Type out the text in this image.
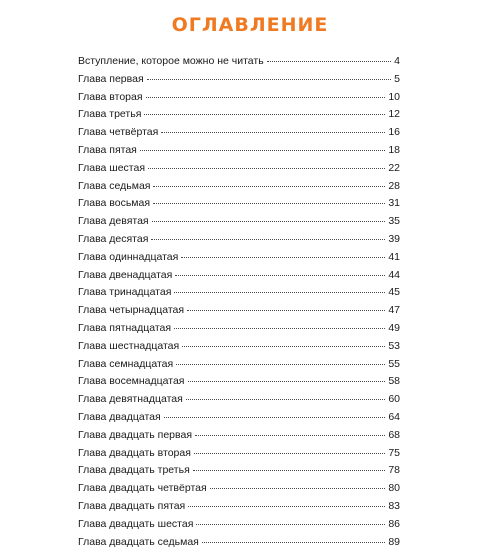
ОГЛАВЛЕНИЕ
Вступление, которое можно не читать	4
Глава первая	5
Глава вторая	10
Глава третья	12
Глава четвёртая	16
Глава пятая	18
Глава шестая	22
Глава седьмая	28
Глава восьмая	31
Глава девятая	35
Глава десятая	39
Глава одиннадцатая	41
Глава двенадцатая	44
Глава тринадцатая	45
Глава четырнадцатая	47
Глава пятнадцатая	49
Глава шестнадцатая	53
Глава семнадцатая	55
Глава восемнадцатая	58
Глава девятнадцатая	60
Глава двадцатая	64
Глава двадцать первая	68
Глава двадцать вторая	75
Глава двадцать третья	78
Глава двадцать четвёртая	80
Глава двадцать пятая	83
Глава двадцать шестая	86
Глава двадцать седьмая	89
